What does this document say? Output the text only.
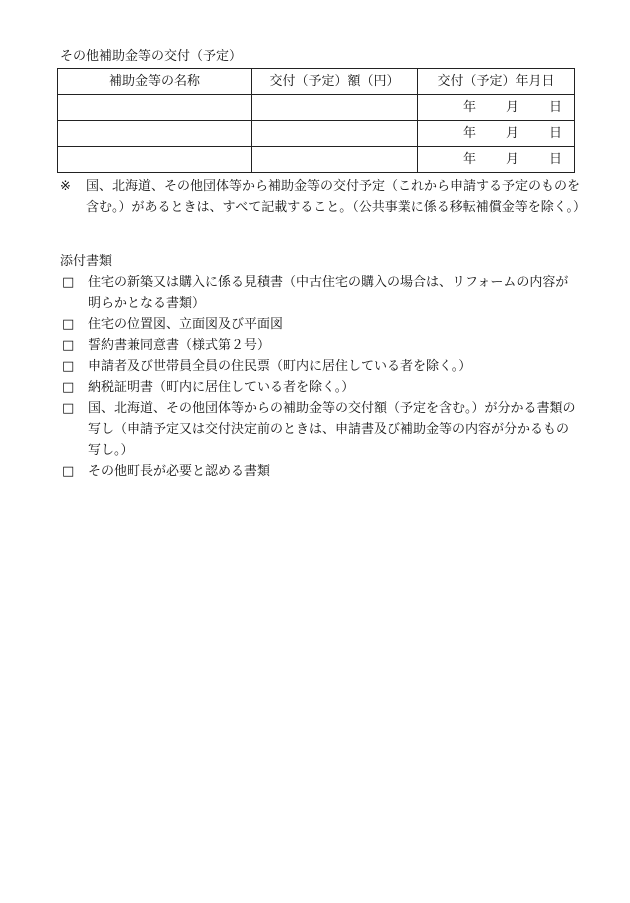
その他補助金等の交付（予定）
補助金等の名称	交付（予定）額（円）	交付（予定）年月日

		年 月 日

		年 月 日

		年 月 日
※	国、北海道、その他団体等から補助金等の交付予定（これから申請する予定のものを含む。）があるときは、すべて記載すること。（公共事業に係る移転補償金等を除く。）
添付書類
□ 住宅の新築又は購入に係る見積書（中古住宅の購入の場合は、リフォームの内容が明らかとなる書類）
□ 住宅の位置図、立面図及び平面図
□ 誓約書兼同意書（様式第２号）
□ 申請者及び世帯員全員の住民票（町内に居住している者を除く。）
□ 納税証明書（町内に居住している者を除く。）
□ 国、北海道、その他団体等からの補助金等の交付額（予定を含む。）が分かる書類の写し（申請予定又は交付決定前のときは、申請書及び補助金等の内容が分かるもの写し。）
□ その他町長が必要と認める書類
